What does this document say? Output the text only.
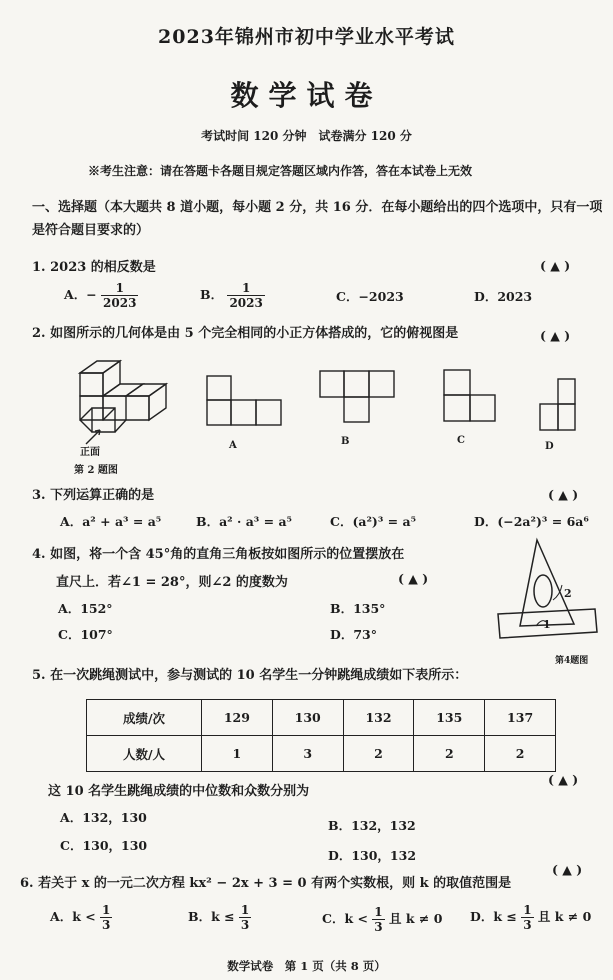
2023年锦州市初中学业水平考试
数学试卷
考试时间 120 分钟　试卷满分 120 分
※考生注意：请在答题卡各题目规定答题区域内作答，答在本试卷上无效
一、选择题（本大题共 8 道小题，每小题 2 分，共 16 分．在每小题给出的四个选项中，只有一项是符合题目要求的）
1. 2023 的相反数是	( ▲ )
A．− $\frac{1}{2023}$	B． $\frac{1}{2023}$	C．−2023	D．2023
2. 如图所示的几何体是由 5 个完全相同的小正方体搭成的，它的俯视图是	( ▲ )
正面
第 2 题图
A	B	C
D
3. 下列运算正确的是	( ▲ )
A．a² + a³ = a⁵	B．a² · a³ = a⁵	C．(a²)³ = a⁵	D．(−2a²)³ = 6a⁶
4. 如图，将一个含 45°角的直角三角板按如图所示的位置摆放在
直尺上．若∠1 = 28°，则∠2 的度数为	( ▲ )
A．152°	B．135°
C．107°	D．73°
2
1
第4题图
5. 在一次跳绳测试中，参与测试的 10 名学生一分钟跳绳成绩如下表所示：
成绩/次	129	130	132	135	137
人数/人	1	3	2	2	2
这 10 名学生跳绳成绩的中位数和众数分别为
( ▲ )
A．132，130
B．132，132
C．130，130
D．130，132
6. 若关于 x 的一元二次方程 kx² − 2x + 3 = 0 有两个实数根，则 k 的取值范围是
( ▲ )
A．$k < \frac{1}{3}$	B．$k \le \frac{1}{3}$	C．$k < \frac{1}{3}$ 且 k ≠ 0 D．$k \le \frac{1}{3}$ 且 k ≠ 0
数学试卷　第 1 页（共 8 页）
